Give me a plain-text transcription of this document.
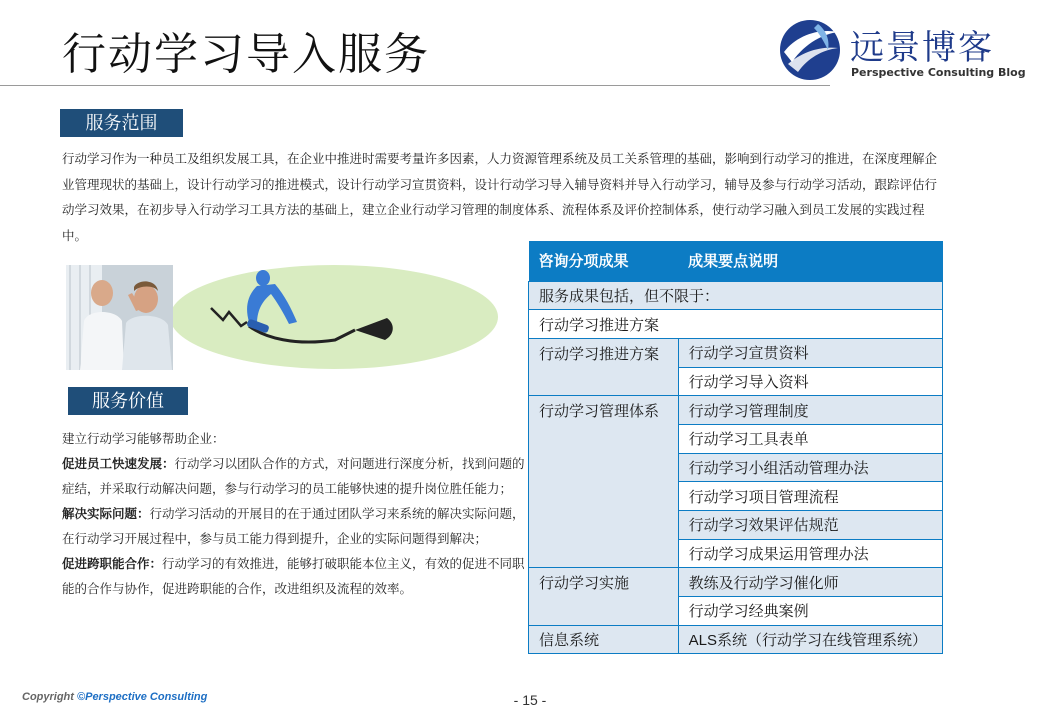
行动学习导入服务	远景博客
Perspective Consulting Blog
服务范围
行动学习作为一种员工及组织发展工具，在企业中推进时需要考量许多因素，人力资源管理系统及员工关系管理的基础，影响到行动学习的推进，在深度理解企业管理现状的基础上，设计行动学习的推进模式，设计行动学习宣贯资料，设计行动学习导入辅导资料并导入行动学习，辅导及参与行动学习活动，跟踪评估行动学习效果，在初步导入行动学习工具方法的基础上，建立企业行动学习管理的制度体系、流程体系及评价控制体系，使行动学习融入到员工发展的实践过程中。
服务价值

建立行动学习能够帮助企业：

促进员工快速发展：行动学习以团队合作的方式，对问题进行深度分析，找到问题的症结，并采取行动解决问题，参与行动学习的员工能够快速的提升岗位胜任能力；

解决实际问题：行动学习活动的开展目的在于通过团队学习来系统的解决实际问题，在行动学习开展过程中，参与员工能力得到提升，企业的实际问题得到解决；

促进跨职能合作：行动学习的有效推进，能够打破职能本位主义，有效的促进不同职能的合作与协作，促进跨职能的合作，改进组织及流程的效率。

咨询分项成果	成果要点说明
服务成果包括，但不限于：	
行动学习推进方案	
行动学习推进方案	行动学习宣贯资料
	行动学习导入资料
行动学习管理体系	行动学习管理制度
	行动学习工具表单
	行动学习小组活动管理办法
	行动学习项目管理流程
	行动学习效果评估规范
	行动学习成果运用管理办法
行动学习实施	教练及行动学习催化师
	行动学习经典案例
信息系统	ALS系统（行动学习在线管理系统）
Copyright ©Perspective Consulting	- 15 -
